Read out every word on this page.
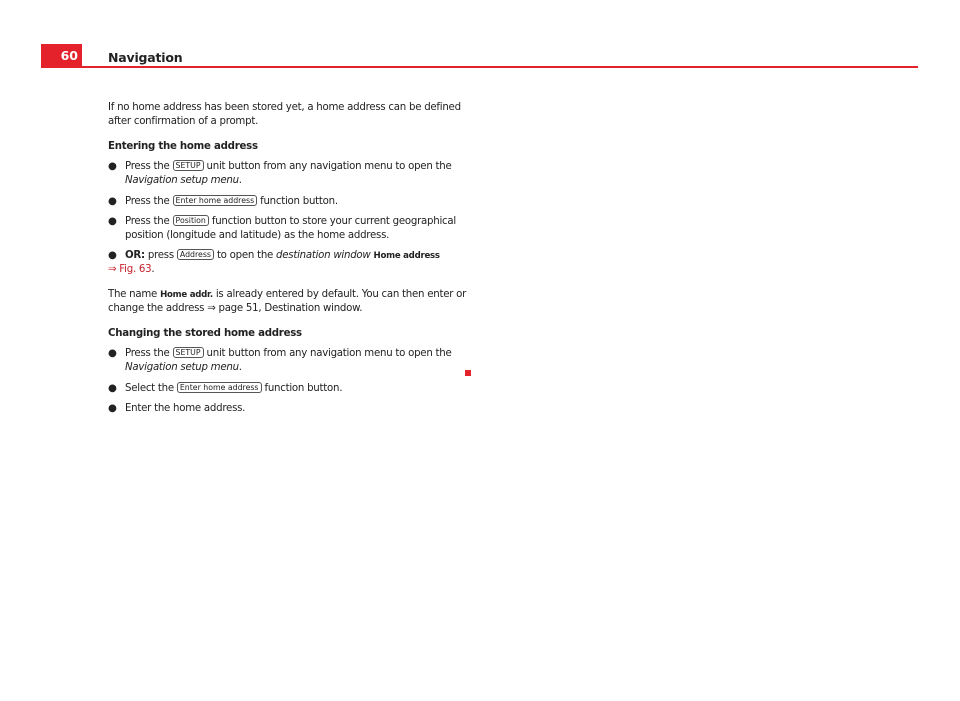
60	Navigation

If no home address has been stored yet, a home address can be defined after confirmation of a prompt.

Entering the home address
● Press the SETUP unit button from any navigation menu to open the Navigation setup menu.
● Press the Enter home address function button.
● Press the Position function button to store your current geographical position (longitude and latitude) as the home address.
● OR: press Address to open the destination window Home address
⇒ Fig. 63.

The name Home addr. is already entered by default. You can then enter or change the address ⇒ page 51, Destination window.

Changing the stored home address
● Press the SETUP unit button from any navigation menu to open the Navigation setup menu.
● Select the Enter home address function button.
● Enter the home address.
